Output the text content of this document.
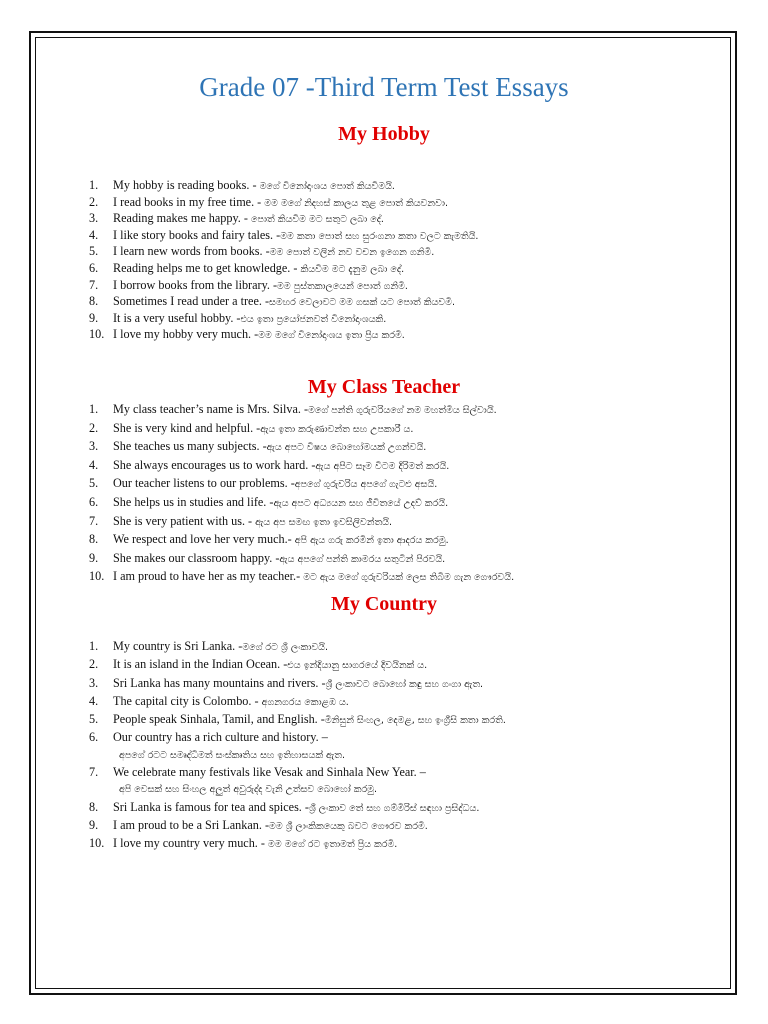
Grade 07 -Third Term Test Essays
My Hobby
1. My hobby is reading books. - මගේ විනෝදාංශය පොත් කියවීමයි.
2. I read books in my free time. - මම මගේ නිදහස් කාලය තුළ පොත් කියවනවා.
3. Reading makes me happy. - පොත් කියවීම මට සතුට ලබා දේ.
4. I like story books and fairy tales. -මම කතා පොත් සහ සුරංගනා කතා වලට කැමතියි.
5. I learn new words from books. -මම පොත් වලින් නව වචන ඉගෙන ගනිමි.
6. Reading helps me to get knowledge. - කියවීම මට දැනුම ලබා දේ.
7. I borrow books from the library. -මම පුස්තකාලයෙන් පොත් ගනිමි.
8. Sometimes I read under a tree. -සමහර වෙලාවට මම ගසක් යට පොත් කියවමි.
9. It is a very useful hobby. -එය ඉතා ප්‍රයෝජනවත් විනෝදාංශයකි.
10. I love my hobby very much. -මම මගේ විනෝදාංශය ඉතා ප්‍රිය කරමි.
My Class Teacher
1. My class teacher’s name is Mrs. Silva. -මගේ පන්ති ගුරුවරියගේ නම මහත්මිය සිල්වායි.
2. She is very kind and helpful. -ඇය ඉතා කරුණාවන්ත සහ උපකාරී ය.
3. She teaches us many subjects. -ඇය අපට විෂය බොහෝමයක් උගන්වයි.
4. She always encourages us to work hard. -ඇය අපිට සෑම විටම දිරිමත් කරයි.
5. Our teacher listens to our problems. -අපගේ ගුරුවරිය අපගේ ගැටළු අසයි.
6. She helps us in studies and life. -ඇය අපට අධ්‍යයන සහ ජීවිතයේ උදව් කරයි.
7. She is very patient with us. - ඇය අප සමඟ ඉතා ඉවසිලිවන්තයි.
8. We respect and love her very much.- අපි ඇය ගරු කරමින් ඉතා ආදරය කරමු.
9. She makes our classroom happy. -ඇය අපගේ පන්ති කාමරය සතුටින් පිරවයි.
10. I am proud to have her as my teacher.- මට ඇය මගේ ගුරුවරියක් ලෙස තිබීම ගැන ගෞරවයි.
My Country
1. My country is Sri Lanka. -මගේ රට ශ්‍රී ලංකාවයි.
2. It is an island in the Indian Ocean. -එය ඉන්දියානු සාගරයේ දිවයිනක් ය.
3. Sri Lanka has many mountains and rivers. -ශ්‍රී ලංකාවට බොහෝ කඳු සහ ගංගා ඇත.
4. The capital city is Colombo. - අගනගරය කොළඹ ය.
5. People speak Sinhala, Tamil, and English. -මිනිසුන් සිංහල, දෙමළ, සහ ඉංග්‍රීසි කතා කරති.
6. Our country has a rich culture and history. –
අපගේ රටට සමෘද්ධිමත් සංස්කෘතිය සහ ඉතිහාසයක් ඇත.
7. We celebrate many festivals like Vesak and Sinhala New Year. –
අපි වෙසක් සහ සිංහල අලුත් අවුරුද්ද වැනි උත්සව බොහෝ කරමු.
8. Sri Lanka is famous for tea and spices. -ශ්‍රී ලංකාව තේ සහ ගම්මිරිස් සඳහා ප්‍රසිද්ධය.
9. I am proud to be a Sri Lankan. -මම ශ්‍රී ලාංකිකයෙකු බවට ගෞරව කරමි.
10. I love my country very much. - මම මගේ රට ඉතාමත් ප්‍රිය කරමි.
